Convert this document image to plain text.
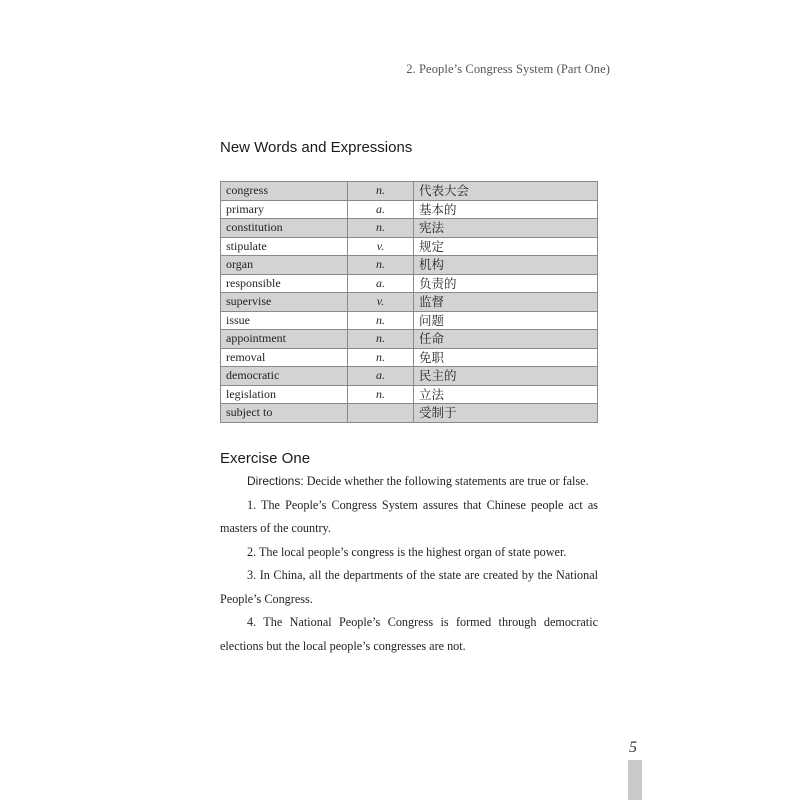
2. People’s Congress System (Part One)
New Words and Expressions
congress	n.	代表大会
primary	a.	基本的
constitution	n.	宪法
stipulate	v.	规定
organ	n.	机构
responsible	a.	负责的
supervise	v.	监督
issue	n.	问题
appointment	n.	任命
removal	n.	免职
democratic	a.	民主的
legislation	n.	立法
subject to		受制于
Exercise One

Directions: Decide whether the following statements are true or false.

1. The People’s Congress System assures that Chinese people act as masters of the country.

2. The local people’s congress is the highest organ of state power.

3. In China, all the departments of the state are created by the National People’s Congress.

4. The National People’s Congress is formed through democratic elections but the local people’s congresses are not.

5
